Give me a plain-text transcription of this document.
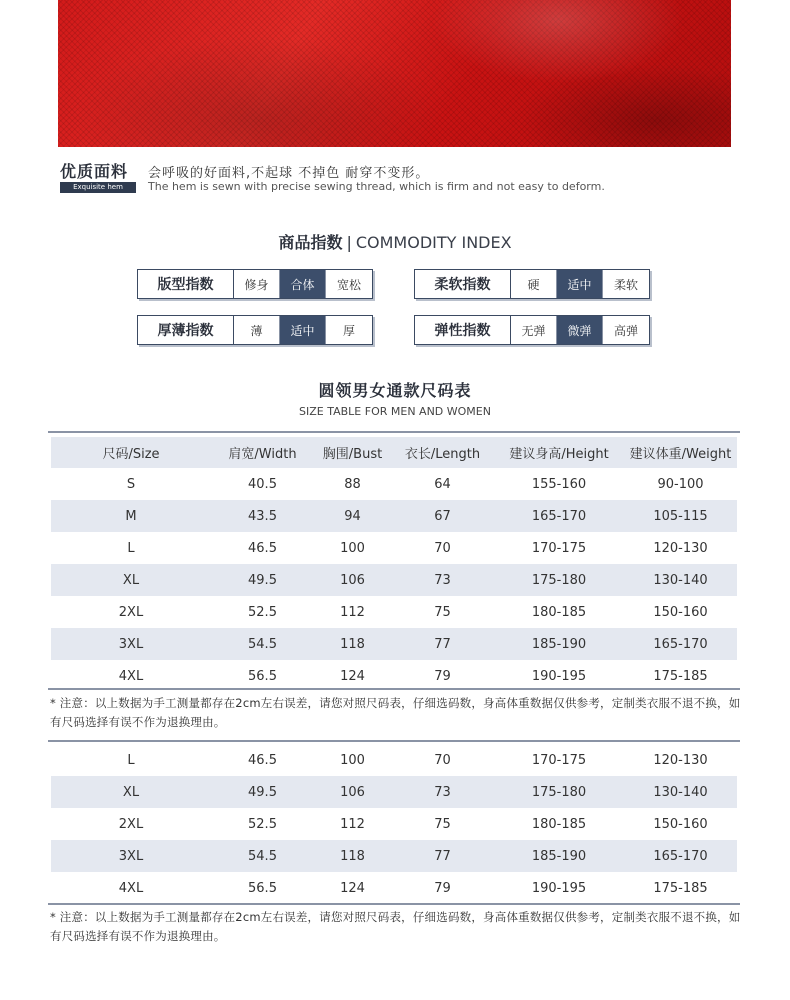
优质面料
Exquisite hem
会呼吸的好面料,不起球 不掉色 耐穿不变形。
The hem is sewn with precise sewing thread, which is firm and not easy to deform.
商品指数 | COMMODITY INDEX
版型指数	修身	合体	宽松	柔软指数	硬	适中	柔软
厚薄指数	薄	适中	厚	弹性指数	无弹	微弹	高弹
圆领男女通款尺码表
SIZE TABLE FOR MEN AND WOMEN
尺码/Size	肩宽/Width	胸围/Bust	衣长/Length	建议身高/Height	建议体重/Weight
S	40.5	88	64	155-160	90-100
M	43.5	94	67	165-170	105-115
L	46.5	100	70	170-175	120-130
XL	49.5	106	73	175-180	130-140
2XL	52.5	112	75	180-185	150-160
3XL	54.5	118	77	185-190	165-170
4XL	56.5	124	79	190-195	175-185
* 注意：以上数据为手工测量都存在2cm左右误差，请您对照尺码表，仔细选码数，身高体重数据仅供参考，定制类衣服不退不换，如有尺码选择有误不作为退换理由。
L	46.5	100	70	170-175	120-130
XL	49.5	106	73	175-180	130-140
2XL	52.5	112	75	180-185	150-160
3XL	54.5	118	77	185-190	165-170
4XL	56.5	124	79	190-195	175-185
* 注意：以上数据为手工测量都存在2cm左右误差，请您对照尺码表，仔细选码数，身高体重数据仅供参考，定制类衣服不退不换，如有尺码选择有误不作为退换理由。
